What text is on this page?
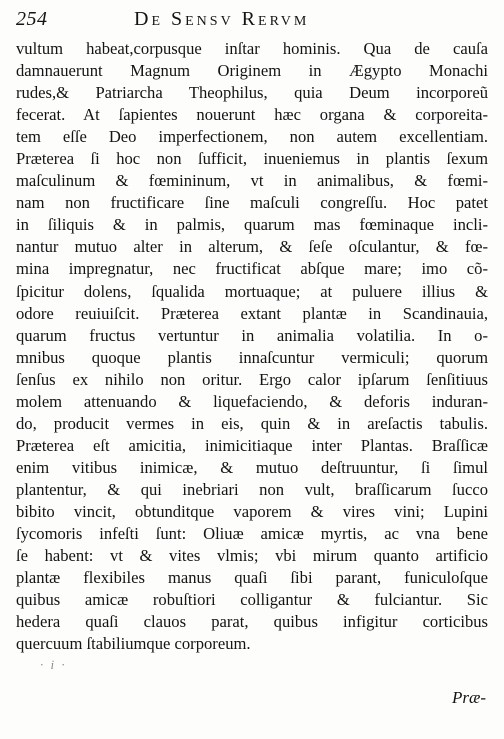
254	De Sensv Rervm
vultum habeat,corpusque inſtar hominis. Qua de cauſa
damnauerunt Magnum Originem in Ægypto Monachi
rudes,& Patriarcha Theophilus, quia Deum incorporeũ
fecerat. At ſapientes nouerunt hæc organa & corporeita-
tem eſſe Deo imperfectionem, non autem excellentiam.
Præterea ſi hoc non ſufficit, inueniemus in plantis ſexum
maſculinum & fœmininum, vt in animalibus, & fœmi-
nam non fructificare ſine maſculi congreſſu. Hoc patet
in ſiliquis & in palmis, quarum mas fœminaque incli-
nantur mutuo alter in alterum, & ſeſe oſculantur, & fœ-
mina impregnatur, nec fructificat abſque mare; imo cõ-
ſpicitur dolens, ſqualida mortuaque; at puluere illius &
odore reuiuiſcit. Præterea extant plantæ in Scandinauia,
quarum fructus vertuntur in animalia volatilia. In o-
mnibus quoque plantis innaſcuntur vermiculi; quorum
ſenſus ex nihilo non oritur. Ergo calor ipſarum ſenſitiuus
molem attenuando & liquefaciendo, & deforis induran-
do, producit vermes in eis, quin & in areſactis tabulis.
Præterea eſt amicitia, inimicitiaque inter Plantas. Braſſicæ
enim vitibus inimicæ, & mutuo deſtruuntur, ſi ſimul
plantentur, & qui inebriari non vult, braſſicarum ſucco
bibito vincit, obtunditque vaporem & vires vini; Lupini
ſycomoris infeſti ſunt: Oliuæ amicæ myrtis, ac vna bene
ſe habent: vt & vites vlmis; vbi mirum quanto artificio
plantæ flexibiles manus quaſi ſibi parant, funiculoſque
quibus amicæ robuſtiori colligantur & fulciantur. Sic
hedera quaſi clauos parat, quibus infigitur corticibus
quercuum ſtabiliumque corporeum.
· i ·
Præ-
